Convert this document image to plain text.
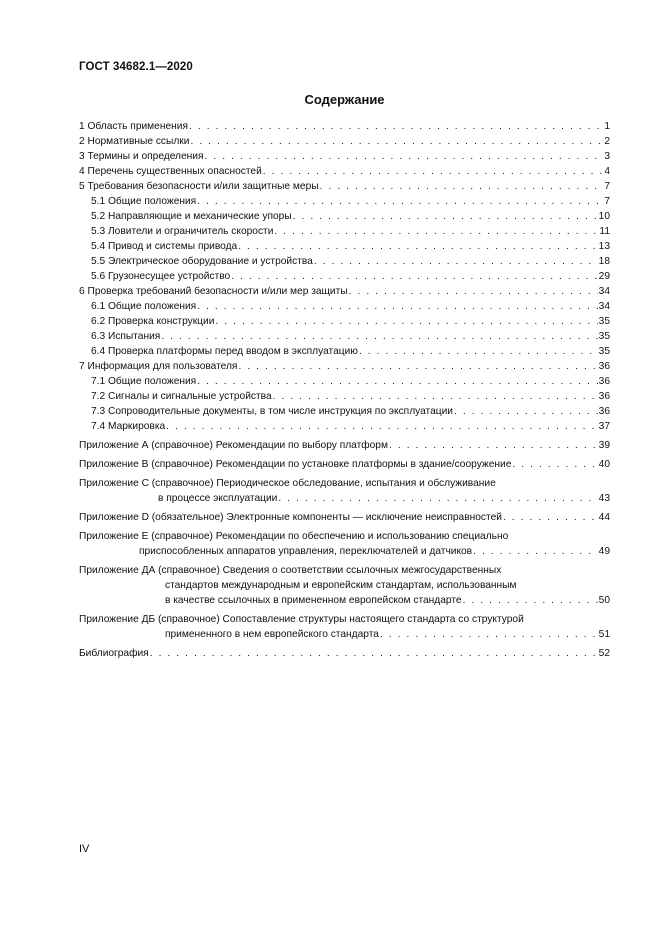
ГОСТ 34682.1—2020
Содержание
1 Область применения . . .	1
2 Нормативные ссылки . . .	2
3 Термины и определения . . .	3
4 Перечень существенных опасностей . . .	4
5 Требования безопасности и/или защитные меры . . .	7
5.1 Общие положения . . .	7
5.2 Направляющие и механические упоры . . .	10
5.3 Ловители и ограничитель скорости . . .	11
5.4 Привод и системы привода . . .	13
5.5 Электрическое оборудование и устройства . . .	18
5.6 Грузонесущее устройство . . .	29
6 Проверка требований безопасности и/или мер защиты . . .	34
6.1 Общие положения . . .	34
6.2 Проверка конструкции . . .	35
6.3 Испытания . . .	35
6.4 Проверка платформы перед вводом в эксплуатацию . . .	35
7 Информация для пользователя . . .	36
7.1 Общие положения . . .	36
7.2 Сигналы и сигнальные устройства . . .	36
7.3 Сопроводительные документы, в том числе инструкция по эксплуатации . . .	36
7.4 Маркировка . . .	37
Приложение А (справочное) Рекомендации по выбору платформ . . .	39
Приложение B (справочное) Рекомендации по установке платформы в здание/сооружение . . .	40
Приложение C (справочное) Периодическое обследование, испытания и обслуживание
в процессе эксплуатации . . .	43
Приложение D (обязательное) Электронные компоненты — исключение неисправностей . . .	44
Приложение E (справочное) Рекомендации по обеспечению и использованию специально
приспособленных аппаратов управления, переключателей и датчиков . . .	49
Приложение ДА (справочное) Сведения о соответствии ссылочных межгосударственных
стандартов международным и европейским стандартам, использованным
в качестве ссылочных в примененном европейском стандарте . . .	50
Приложение ДБ (справочное) Сопоставление структуры настоящего стандарта со структурой
примененного в нем европейского стандарта . . .	51
Библиография . . .	52
IV
